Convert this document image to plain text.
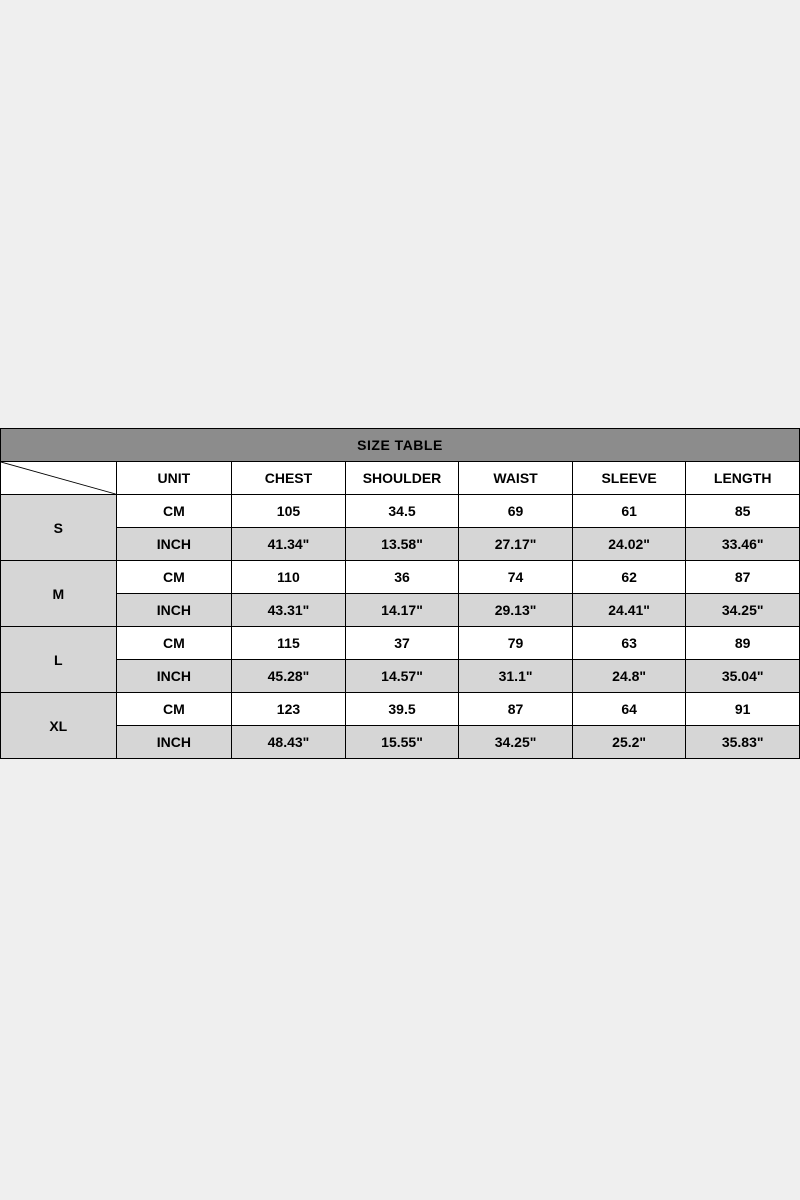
SIZE TABLE						

	UNIT	CHEST	SHOULDER	WAIST	SLEEVE	LENGTH
S	CM	105	34.5	69	61	85
	INCH	41.34"	13.58"	27.17"	24.02"	33.46"
M	CM	110	36	74	62	87
	INCH	43.31"	14.17"	29.13"	24.41"	34.25"
L	CM	115	37	79	63	89
	INCH	45.28"	14.57"	31.1"	24.8"	35.04"
XL	CM	123	39.5	87	64	91
	INCH	48.43"	15.55"	34.25"	25.2"	35.83"
